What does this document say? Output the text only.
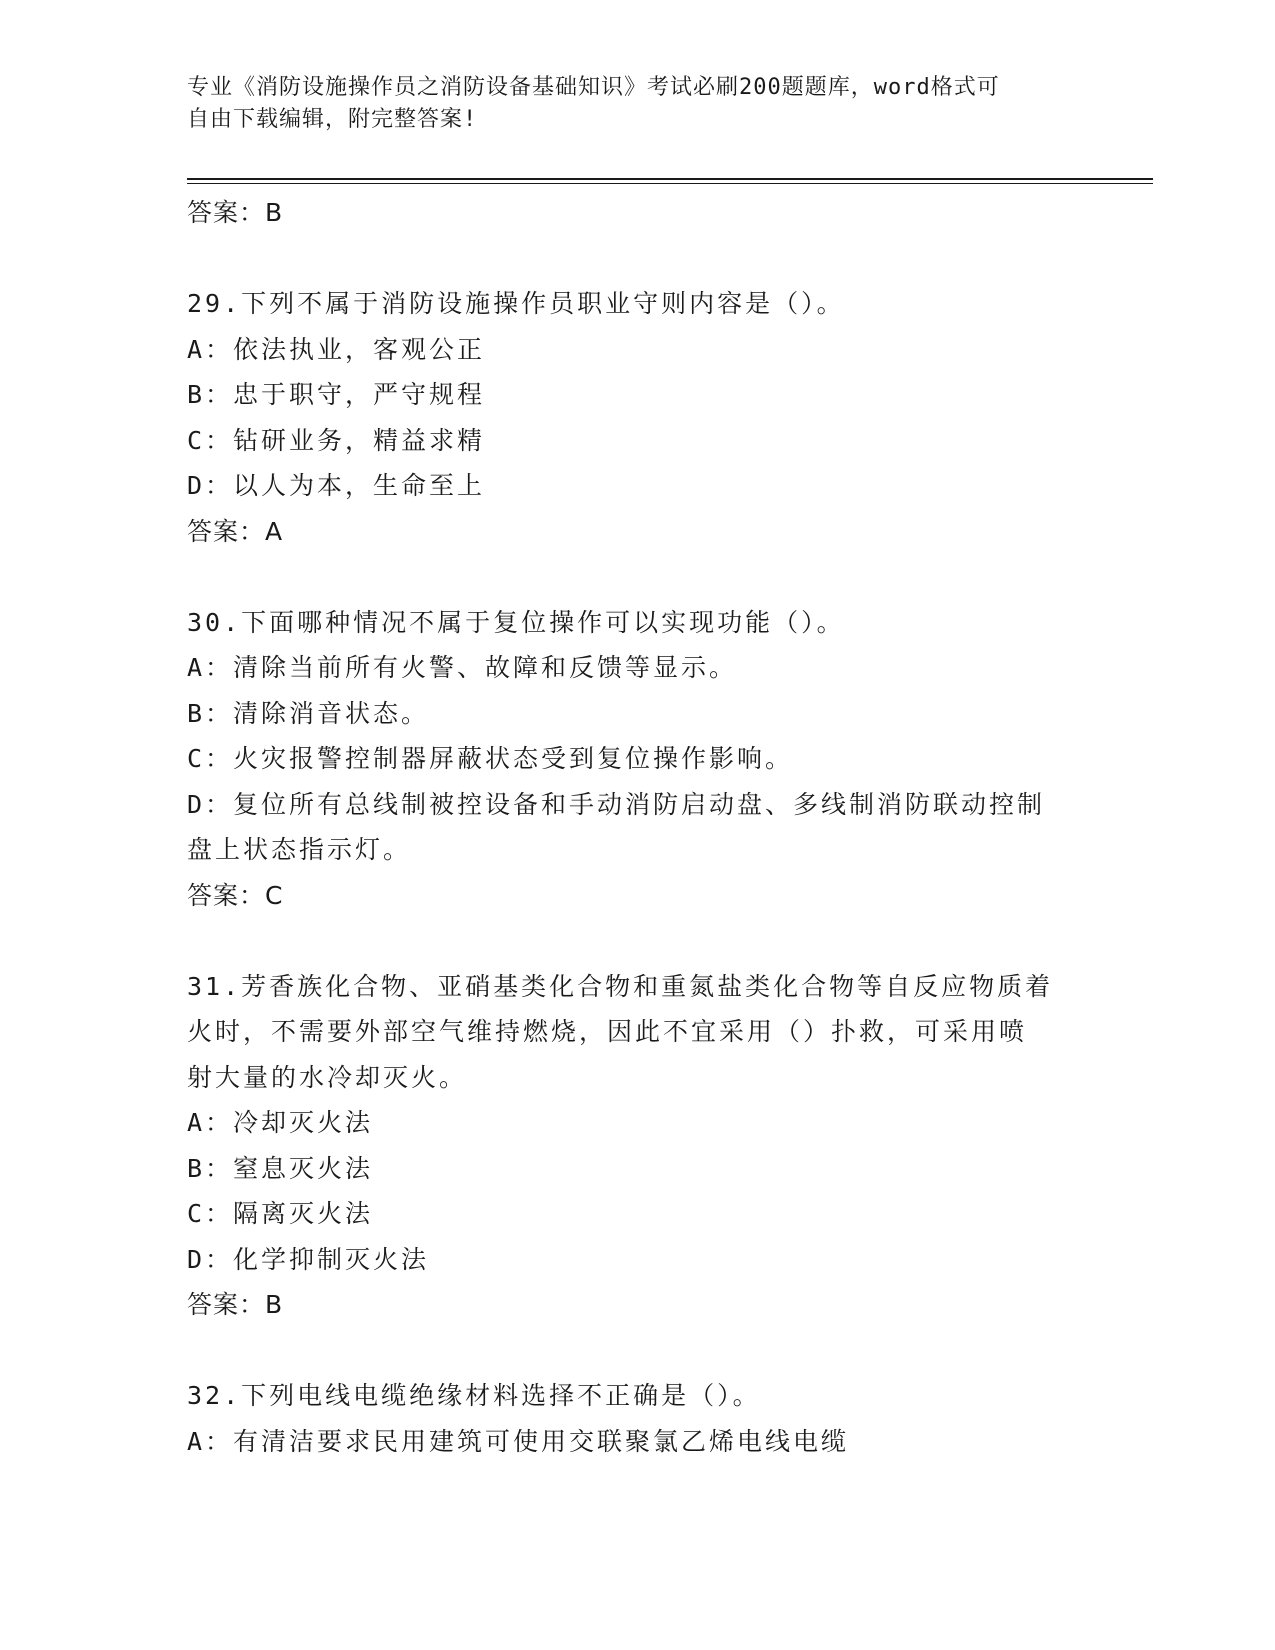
专业《消防设施操作员之消防设备基础知识》考试必刷200题题库，word格式可
自由下载编辑，附完整答案!
答案：B
29.下列不属于消防设施操作员职业守则内容是（）。
A：依法执业，客观公正
B：忠于职守，严守规程
C：钻研业务，精益求精
D：以人为本，生命至上
答案：A
30.下面哪种情况不属于复位操作可以实现功能（）。
A：清除当前所有火警、故障和反馈等显示。
B：清除消音状态。
C：火灾报警控制器屏蔽状态受到复位操作影响。
D：复位所有总线制被控设备和手动消防启动盘、多线制消防联动控制
盘上状态指示灯。
答案：C
31.芳香族化合物、亚硝基类化合物和重氮盐类化合物等自反应物质着
火时，不需要外部空气维持燃烧，因此不宜采用（）扑救，可采用喷
射大量的水冷却灭火。
A：冷却灭火法
B：窒息灭火法
C：隔离灭火法
D：化学抑制灭火法
答案：B
32.下列电线电缆绝缘材料选择不正确是（）。
A：有清洁要求民用建筑可使用交联聚氯乙烯电线电缆
